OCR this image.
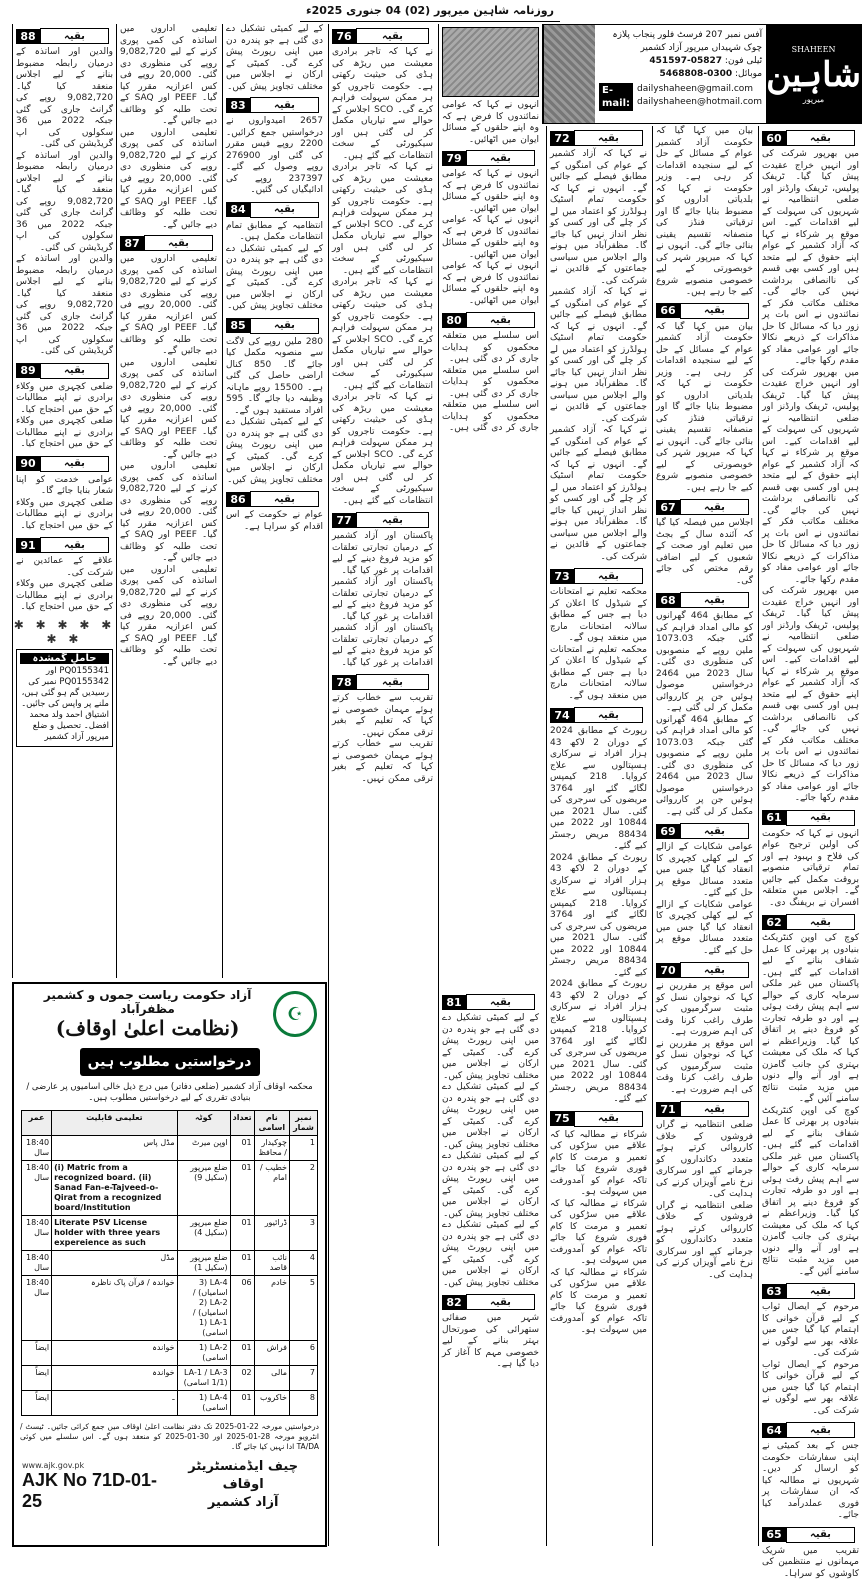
روزنامہ شاہین میرپور (02) 04 جنوری 2025ء
SHAHEEN
شاہین
میرپور
آفس نمبر 207 فرسٹ فلور پنجاب پلازہ چوک شہیداں میرپور آزاد کشمیر
ٹیلی فون: 05827-451597
موبائل: 0300-5468808
E-mail:
dailyshaheen@gmail.com
dailyshaheen@hotmail.com
بقیہ
60

میں بھرپور شرکت کی اور انہیں خراج عقیدت پیش کیا گیا۔ ٹریفک پولیس، ٹریفک وارڈنز اور ضلعی انتظامیہ نے شہریوں کی سہولت کے لیے اقدامات کیے۔ اس موقع پر شرکاء نے کہا کہ آزاد کشمیر کے عوام اپنے حقوق کے لیے متحد ہیں اور کسی بھی قسم کی ناانصافی برداشت نہیں کی جائے گی۔ مختلف مکاتب فکر کے نمائندوں نے اس بات پر زور دیا کہ مسائل کا حل مذاکرات کے ذریعے نکالا جائے اور عوامی مفاد کو مقدم رکھا جائے۔

میں بھرپور شرکت کی اور انہیں خراج عقیدت پیش کیا گیا۔ ٹریفک پولیس، ٹریفک وارڈنز اور ضلعی انتظامیہ نے شہریوں کی سہولت کے لیے اقدامات کیے۔ اس موقع پر شرکاء نے کہا کہ آزاد کشمیر کے عوام اپنے حقوق کے لیے متحد ہیں اور کسی بھی قسم کی ناانصافی برداشت نہیں کی جائے گی۔ مختلف مکاتب فکر کے نمائندوں نے اس بات پر زور دیا کہ مسائل کا حل مذاکرات کے ذریعے نکالا جائے اور عوامی مفاد کو مقدم رکھا جائے۔

میں بھرپور شرکت کی اور انہیں خراج عقیدت پیش کیا گیا۔ ٹریفک پولیس، ٹریفک وارڈنز اور ضلعی انتظامیہ نے شہریوں کی سہولت کے لیے اقدامات کیے۔ اس موقع پر شرکاء نے کہا کہ آزاد کشمیر کے عوام اپنے حقوق کے لیے متحد ہیں اور کسی بھی قسم کی ناانصافی برداشت نہیں کی جائے گی۔ مختلف مکاتب فکر کے نمائندوں نے اس بات پر زور دیا کہ مسائل کا حل مذاکرات کے ذریعے نکالا جائے اور عوامی مفاد کو مقدم رکھا جائے۔

بقیہ
61

انہوں نے کہا کہ حکومت کی اولین ترجیح عوام کی فلاح و بہبود ہے اور تمام ترقیاتی منصوبے بروقت مکمل کیے جائیں گے۔ اجلاس میں متعلقہ افسران نے بریفنگ دی۔

بقیہ
62

کوچ کی اوپن کنٹریکٹ بنیادوں پر بھرتی کا عمل شفاف بنانے کے لیے اقدامات کیے گئے ہیں۔ پاکستان میں غیر ملکی سرمایہ کاری کے حوالے سے اہم پیش رفت ہوئی ہے اور دو طرفہ تجارت کو فروغ دینے پر اتفاق کیا گیا۔ وزیراعظم نے کہا کہ ملک کی معیشت بہتری کی جانب گامزن ہے اور آنے والے دنوں میں مزید مثبت نتائج سامنے آئیں گے۔

کوچ کی اوپن کنٹریکٹ بنیادوں پر بھرتی کا عمل شفاف بنانے کے لیے اقدامات کیے گئے ہیں۔ پاکستان میں غیر ملکی سرمایہ کاری کے حوالے سے اہم پیش رفت ہوئی ہے اور دو طرفہ تجارت کو فروغ دینے پر اتفاق کیا گیا۔ وزیراعظم نے کہا کہ ملک کی معیشت بہتری کی جانب گامزن ہے اور آنے والے دنوں میں مزید مثبت نتائج سامنے آئیں گے۔

بقیہ
63

مرحوم کے ایصال ثواب کے لیے قرآن خوانی کا اہتمام کیا گیا جس میں علاقہ بھر سے لوگوں نے شرکت کی۔

مرحوم کے ایصال ثواب کے لیے قرآن خوانی کا اہتمام کیا گیا جس میں علاقہ بھر سے لوگوں نے شرکت کی۔

بقیہ
64

جس کے بعد کمیٹی نے اپنی سفارشات حکومت کو ارسال کر دیں۔ شہریوں نے مطالبہ کیا کہ ان سفارشات پر فوری عملدرآمد کیا جائے۔

بقیہ
65

تقریب میں شریک مہمانوں نے منتظمین کی کاوشوں کو سراہا۔

بیان میں کہا گیا کہ حکومت آزاد کشمیر عوام کے مسائل کے حل کے لیے سنجیدہ اقدامات کر رہی ہے۔ وزیر حکومت نے کہا کہ بلدیاتی اداروں کو مضبوط بنایا جائے گا اور ترقیاتی فنڈز کی منصفانہ تقسیم یقینی بنائی جائے گی۔ انہوں نے کہا کہ میرپور شہر کی خوبصورتی کے لیے خصوصی منصوبے شروع کیے جا رہے ہیں۔

بقیہ
66

بیان میں کہا گیا کہ حکومت آزاد کشمیر عوام کے مسائل کے حل کے لیے سنجیدہ اقدامات کر رہی ہے۔ وزیر حکومت نے کہا کہ بلدیاتی اداروں کو مضبوط بنایا جائے گا اور ترقیاتی فنڈز کی منصفانہ تقسیم یقینی بنائی جائے گی۔ انہوں نے کہا کہ میرپور شہر کی خوبصورتی کے لیے خصوصی منصوبے شروع کیے جا رہے ہیں۔

بقیہ
67

اجلاس میں فیصلہ کیا گیا کہ آئندہ سال کے بجٹ میں تعلیم اور صحت کے شعبوں کے لیے اضافی رقم مختص کی جائے گی۔

بقیہ
68

کے مطابق 464 گھرانوں کو مالی امداد فراہم کی گئی جبکہ 1073.03 ملین روپے کے منصوبوں کی منظوری دی گئی۔ سال 2023 میں 2464 درخواستیں موصول ہوئیں جن پر کارروائی مکمل کر لی گئی ہے۔

کے مطابق 464 گھرانوں کو مالی امداد فراہم کی گئی جبکہ 1073.03 ملین روپے کے منصوبوں کی منظوری دی گئی۔ سال 2023 میں 2464 درخواستیں موصول ہوئیں جن پر کارروائی مکمل کر لی گئی ہے۔

بقیہ
69

عوامی شکایات کے ازالے کے لیے کھلی کچہری کا انعقاد کیا گیا جس میں متعدد مسائل موقع پر حل کیے گئے۔

عوامی شکایات کے ازالے کے لیے کھلی کچہری کا انعقاد کیا گیا جس میں متعدد مسائل موقع پر حل کیے گئے۔

بقیہ
70

اس موقع پر مقررین نے کہا کہ نوجوان نسل کو مثبت سرگرمیوں کی طرف راغب کرنا وقت کی اہم ضرورت ہے۔

اس موقع پر مقررین نے کہا کہ نوجوان نسل کو مثبت سرگرمیوں کی طرف راغب کرنا وقت کی اہم ضرورت ہے۔

بقیہ
71

ضلعی انتظامیہ نے گراں فروشوں کے خلاف کارروائی کرتے ہوئے متعدد دکانداروں کو جرمانے کیے اور سرکاری نرخ نامے آویزاں کرنے کی ہدایت کی۔

ضلعی انتظامیہ نے گراں فروشوں کے خلاف کارروائی کرتے ہوئے متعدد دکانداروں کو جرمانے کیے اور سرکاری نرخ نامے آویزاں کرنے کی ہدایت کی۔

بقیہ
72

نے کہا کہ آزاد کشمیر کے عوام کی امنگوں کے مطابق فیصلے کیے جائیں گے۔ انہوں نے کہا کہ حکومت تمام اسٹیک ہولڈرز کو اعتماد میں لے کر چلے گی اور کسی کو نظر انداز نہیں کیا جائے گا۔ مظفرآباد میں ہونے والے اجلاس میں سیاسی جماعتوں کے قائدین نے شرکت کی۔

نے کہا کہ آزاد کشمیر کے عوام کی امنگوں کے مطابق فیصلے کیے جائیں گے۔ انہوں نے کہا کہ حکومت تمام اسٹیک ہولڈرز کو اعتماد میں لے کر چلے گی اور کسی کو نظر انداز نہیں کیا جائے گا۔ مظفرآباد میں ہونے والے اجلاس میں سیاسی جماعتوں کے قائدین نے شرکت کی۔

نے کہا کہ آزاد کشمیر کے عوام کی امنگوں کے مطابق فیصلے کیے جائیں گے۔ انہوں نے کہا کہ حکومت تمام اسٹیک ہولڈرز کو اعتماد میں لے کر چلے گی اور کسی کو نظر انداز نہیں کیا جائے گا۔ مظفرآباد میں ہونے والے اجلاس میں سیاسی جماعتوں کے قائدین نے شرکت کی۔

بقیہ
73

محکمہ تعلیم نے امتحانات کے شیڈول کا اعلان کر دیا ہے جس کے مطابق سالانہ امتحانات مارچ میں منعقد ہوں گے۔

محکمہ تعلیم نے امتحانات کے شیڈول کا اعلان کر دیا ہے جس کے مطابق سالانہ امتحانات مارچ میں منعقد ہوں گے۔

بقیہ
74

رپورٹ کے مطابق 2024 کے دوران 2 لاکھ 43 ہزار افراد نے سرکاری ہسپتالوں سے علاج کروایا۔ 218 کیمپس لگائے گئے اور 3764 مریضوں کی سرجری کی گئی۔ سال 2021 میں 10844 اور 2022 میں 88434 مریض رجسٹر کیے گئے۔

رپورٹ کے مطابق 2024 کے دوران 2 لاکھ 43 ہزار افراد نے سرکاری ہسپتالوں سے علاج کروایا۔ 218 کیمپس لگائے گئے اور 3764 مریضوں کی سرجری کی گئی۔ سال 2021 میں 10844 اور 2022 میں 88434 مریض رجسٹر کیے گئے۔

رپورٹ کے مطابق 2024 کے دوران 2 لاکھ 43 ہزار افراد نے سرکاری ہسپتالوں سے علاج کروایا۔ 218 کیمپس لگائے گئے اور 3764 مریضوں کی سرجری کی گئی۔ سال 2021 میں 10844 اور 2022 میں 88434 مریض رجسٹر کیے گئے۔

بقیہ
75

شرکاء نے مطالبہ کیا کہ علاقے میں سڑکوں کی تعمیر و مرمت کا کام فوری شروع کیا جائے تاکہ عوام کو آمدورفت میں سہولت ہو۔

شرکاء نے مطالبہ کیا کہ علاقے میں سڑکوں کی تعمیر و مرمت کا کام فوری شروع کیا جائے تاکہ عوام کو آمدورفت میں سہولت ہو۔

شرکاء نے مطالبہ کیا کہ علاقے میں سڑکوں کی تعمیر و مرمت کا کام فوری شروع کیا جائے تاکہ عوام کو آمدورفت میں سہولت ہو۔

بقیہ
76

نے کہا کہ تاجر برادری معیشت میں ریڑھ کی ہڈی کی حیثیت رکھتی ہے۔ حکومت تاجروں کو ہر ممکن سہولت فراہم کرے گی۔ SCO اجلاس کے حوالے سے تیاریاں مکمل کر لی گئی ہیں اور سیکیورٹی کے سخت انتظامات کیے گئے ہیں۔

نے کہا کہ تاجر برادری معیشت میں ریڑھ کی ہڈی کی حیثیت رکھتی ہے۔ حکومت تاجروں کو ہر ممکن سہولت فراہم کرے گی۔ SCO اجلاس کے حوالے سے تیاریاں مکمل کر لی گئی ہیں اور سیکیورٹی کے سخت انتظامات کیے گئے ہیں۔

نے کہا کہ تاجر برادری معیشت میں ریڑھ کی ہڈی کی حیثیت رکھتی ہے۔ حکومت تاجروں کو ہر ممکن سہولت فراہم کرے گی۔ SCO اجلاس کے حوالے سے تیاریاں مکمل کر لی گئی ہیں اور سیکیورٹی کے سخت انتظامات کیے گئے ہیں۔

نے کہا کہ تاجر برادری معیشت میں ریڑھ کی ہڈی کی حیثیت رکھتی ہے۔ حکومت تاجروں کو ہر ممکن سہولت فراہم کرے گی۔ SCO اجلاس کے حوالے سے تیاریاں مکمل کر لی گئی ہیں اور سیکیورٹی کے سخت انتظامات کیے گئے ہیں۔

بقیہ
77

پاکستان اور آزاد کشمیر کے درمیان تجارتی تعلقات کو مزید فروغ دینے کے لیے اقدامات پر غور کیا گیا۔

پاکستان اور آزاد کشمیر کے درمیان تجارتی تعلقات کو مزید فروغ دینے کے لیے اقدامات پر غور کیا گیا۔

پاکستان اور آزاد کشمیر کے درمیان تجارتی تعلقات کو مزید فروغ دینے کے لیے اقدامات پر غور کیا گیا۔

بقیہ
78

تقریب سے خطاب کرتے ہوئے مہمان خصوصی نے کہا کہ تعلیم کے بغیر ترقی ممکن نہیں۔

تقریب سے خطاب کرتے ہوئے مہمان خصوصی نے کہا کہ تعلیم کے بغیر ترقی ممکن نہیں۔

انہوں نے کہا کہ عوامی نمائندوں کا فرض ہے کہ وہ اپنے حلقوں کے مسائل ایوان میں اٹھائیں۔

بقیہ
79

انہوں نے کہا کہ عوامی نمائندوں کا فرض ہے کہ وہ اپنے حلقوں کے مسائل ایوان میں اٹھائیں۔

انہوں نے کہا کہ عوامی نمائندوں کا فرض ہے کہ وہ اپنے حلقوں کے مسائل ایوان میں اٹھائیں۔

انہوں نے کہا کہ عوامی نمائندوں کا فرض ہے کہ وہ اپنے حلقوں کے مسائل ایوان میں اٹھائیں۔

بقیہ
80

اس سلسلے میں متعلقہ محکموں کو ہدایات جاری کر دی گئی ہیں۔

اس سلسلے میں متعلقہ محکموں کو ہدایات جاری کر دی گئی ہیں۔

اس سلسلے میں متعلقہ محکموں کو ہدایات جاری کر دی گئی ہیں۔

کے لیے کمیٹی تشکیل دے دی گئی ہے جو پندرہ دن میں اپنی رپورٹ پیش کرے گی۔ کمیٹی کے ارکان نے اجلاس میں مختلف تجاویز پیش کیں۔

بقیہ
83

2657 امیدواروں نے درخواستیں جمع کرائیں۔ 2200 روپے فیس مقرر کی گئی اور 276900 روپے وصول کیے گئے۔ 237397 روپے کی ادائیگیاں کی گئیں۔

بقیہ
84

انتظامیہ کے مطابق تمام انتظامات مکمل ہیں۔

کے لیے کمیٹی تشکیل دے دی گئی ہے جو پندرہ دن میں اپنی رپورٹ پیش کرے گی۔ کمیٹی کے ارکان نے اجلاس میں مختلف تجاویز پیش کیں۔

بقیہ
85

280 ملین روپے کی لاگت سے منصوبہ مکمل کیا جائے گا۔ 850 کنال اراضی حاصل کی گئی ہے۔ 15500 روپے ماہانہ وظیفہ دیا جائے گا۔ 595 افراد مستفید ہوں گے۔

کے لیے کمیٹی تشکیل دے دی گئی ہے جو پندرہ دن میں اپنی رپورٹ پیش کرے گی۔ کمیٹی کے ارکان نے اجلاس میں مختلف تجاویز پیش کیں۔

بقیہ
86

عوام نے حکومت کے اس اقدام کو سراہا ہے۔

بقیہ
81

کے لیے کمیٹی تشکیل دے دی گئی ہے جو پندرہ دن میں اپنی رپورٹ پیش کرے گی۔ کمیٹی کے ارکان نے اجلاس میں مختلف تجاویز پیش کیں۔

کے لیے کمیٹی تشکیل دے دی گئی ہے جو پندرہ دن میں اپنی رپورٹ پیش کرے گی۔ کمیٹی کے ارکان نے اجلاس میں مختلف تجاویز پیش کیں۔

کے لیے کمیٹی تشکیل دے دی گئی ہے جو پندرہ دن میں اپنی رپورٹ پیش کرے گی۔ کمیٹی کے ارکان نے اجلاس میں مختلف تجاویز پیش کیں۔

کے لیے کمیٹی تشکیل دے دی گئی ہے جو پندرہ دن میں اپنی رپورٹ پیش کرے گی۔ کمیٹی کے ارکان نے اجلاس میں مختلف تجاویز پیش کیں۔

بقیہ
82

شہر میں صفائی ستھرائی کی صورتحال بہتر بنانے کے لیے خصوصی مہم کا آغاز کر دیا گیا ہے۔

تعلیمی اداروں میں اساتذہ کی کمی پوری کرنے کے لیے 9,082,720 روپے کی منظوری دی گئی۔ 20,000 روپے فی کس اعزازیہ مقرر کیا گیا۔ PEEF اور SAQ کے تحت طلبہ کو وظائف دیے جائیں گے۔

تعلیمی اداروں میں اساتذہ کی کمی پوری کرنے کے لیے 9,082,720 روپے کی منظوری دی گئی۔ 20,000 روپے فی کس اعزازیہ مقرر کیا گیا۔ PEEF اور SAQ کے تحت طلبہ کو وظائف دیے جائیں گے۔

بقیہ
87

تعلیمی اداروں میں اساتذہ کی کمی پوری کرنے کے لیے 9,082,720 روپے کی منظوری دی گئی۔ 20,000 روپے فی کس اعزازیہ مقرر کیا گیا۔ PEEF اور SAQ کے تحت طلبہ کو وظائف دیے جائیں گے۔

تعلیمی اداروں میں اساتذہ کی کمی پوری کرنے کے لیے 9,082,720 روپے کی منظوری دی گئی۔ 20,000 روپے فی کس اعزازیہ مقرر کیا گیا۔ PEEF اور SAQ کے تحت طلبہ کو وظائف دیے جائیں گے۔

تعلیمی اداروں میں اساتذہ کی کمی پوری کرنے کے لیے 9,082,720 روپے کی منظوری دی گئی۔ 20,000 روپے فی کس اعزازیہ مقرر کیا گیا۔ PEEF اور SAQ کے تحت طلبہ کو وظائف دیے جائیں گے۔

تعلیمی اداروں میں اساتذہ کی کمی پوری کرنے کے لیے 9,082,720 روپے کی منظوری دی گئی۔ 20,000 روپے فی کس اعزازیہ مقرر کیا گیا۔ PEEF اور SAQ کے تحت طلبہ کو وظائف دیے جائیں گے۔

بقیہ
88

والدین اور اساتذہ کے درمیان رابطہ مضبوط بنانے کے لیے اجلاس منعقد کیا گیا۔ 9,082,720 روپے کی گرانٹ جاری کی گئی جبکہ 2022 میں 36 سکولوں کی اپ گریڈیشن کی گئی۔

والدین اور اساتذہ کے درمیان رابطہ مضبوط بنانے کے لیے اجلاس منعقد کیا گیا۔ 9,082,720 روپے کی گرانٹ جاری کی گئی جبکہ 2022 میں 36 سکولوں کی اپ گریڈیشن کی گئی۔

والدین اور اساتذہ کے درمیان رابطہ مضبوط بنانے کے لیے اجلاس منعقد کیا گیا۔ 9,082,720 روپے کی گرانٹ جاری کی گئی جبکہ 2022 میں 36 سکولوں کی اپ گریڈیشن کی گئی۔

بقیہ
89

ضلعی کچہری میں وکلاء برادری نے اپنے مطالبات کے حق میں احتجاج کیا۔

ضلعی کچہری میں وکلاء برادری نے اپنے مطالبات کے حق میں احتجاج کیا۔

بقیہ
90

عوامی خدمت کو اپنا شعار بنایا جائے گا۔

ضلعی کچہری میں وکلاء برادری نے اپنے مطالبات کے حق میں احتجاج کیا۔

بقیہ
91

علاقے کے عمائدین نے شرکت کی۔

ضلعی کچہری میں وکلاء برادری نے اپنے مطالبات کے حق میں احتجاج کیا۔

✱ ✱ ✱ ✱ ✱ ✱ ✱
حاملِ گمشدہ
PQ0155341 اور PQ0155342 نمبر کی رسیدیں گم ہو گئی ہیں، ملنے پر واپس کی جائیں۔ اشتیاق احمد ولد محمد افضل۔ تحصیل و ضلع میرپور آزاد کشمیر
☪
آزاد حکومت ریاست جموں و کشمیر مظفرآباد
(نظامت اعلیٰ اوقاف)
درخواستیں مطلوب ہیں
محکمہ اوقاف آزاد کشمیر (ضلعی دفاتر) میں درج ذیل خالی اسامیوں پر عارضی / بنیادی تقرری کے لیے درخواستیں مطلوب ہیں۔
نمبر شمار	نام اسامی	تعداد	کوٹہ	تعلیمی قابلیت	عمر
1	چوکیدار / محافظ	01	اوپن میرٹ	مڈل پاس	18:40 سال
2	خطیب / امام	01	ضلع میرپور (سکیل 9)	(i) Matric from a recognized board. (ii) Sanad Fan-e-Tajveed-o-Qirat from a recognized board/Institution	18:40 سال
3	ڈرائیور	01	ضلع میرپور (سکیل 4)	Literate PSV License holder with three years expereience as such	18:40 سال
4	نائب قاصد	01	ضلع میرپور (سکیل 1)	مڈل	18:40 سال
5	خادم	06	LA-4 (3 اسامیاں) / LA-2 (2 اسامیاں) / LA-1 (1 اسامی)	خواندہ / قرآن پاک ناظرہ	18:40 سال
6	فراش	01	LA-2 (1 اسامی)	خواندہ	ایضاً
7	مالی	02	LA-1 / LA-3 (1/1 اسامی)	خواندہ	ایضاً
8	خاکروب	01	LA-4 (1 اسامی)	ـ	ایضاً
درخواستیں مورخہ 22-01-2025 تک دفتر نظامت اعلیٰ اوقاف میں جمع کرائی جائیں۔ ٹیسٹ / انٹرویو مورخہ 28-01-2025 اور 30-01-2025 کو منعقد ہوں گے۔ اس سلسلے میں کوئی TA/DA ادا نہیں کیا جائے گا۔
www.ajk.gov.pk
AJK No 71D-01-25
چیف ایڈمنسٹریٹر اوقاف
آزاد کشمیر
